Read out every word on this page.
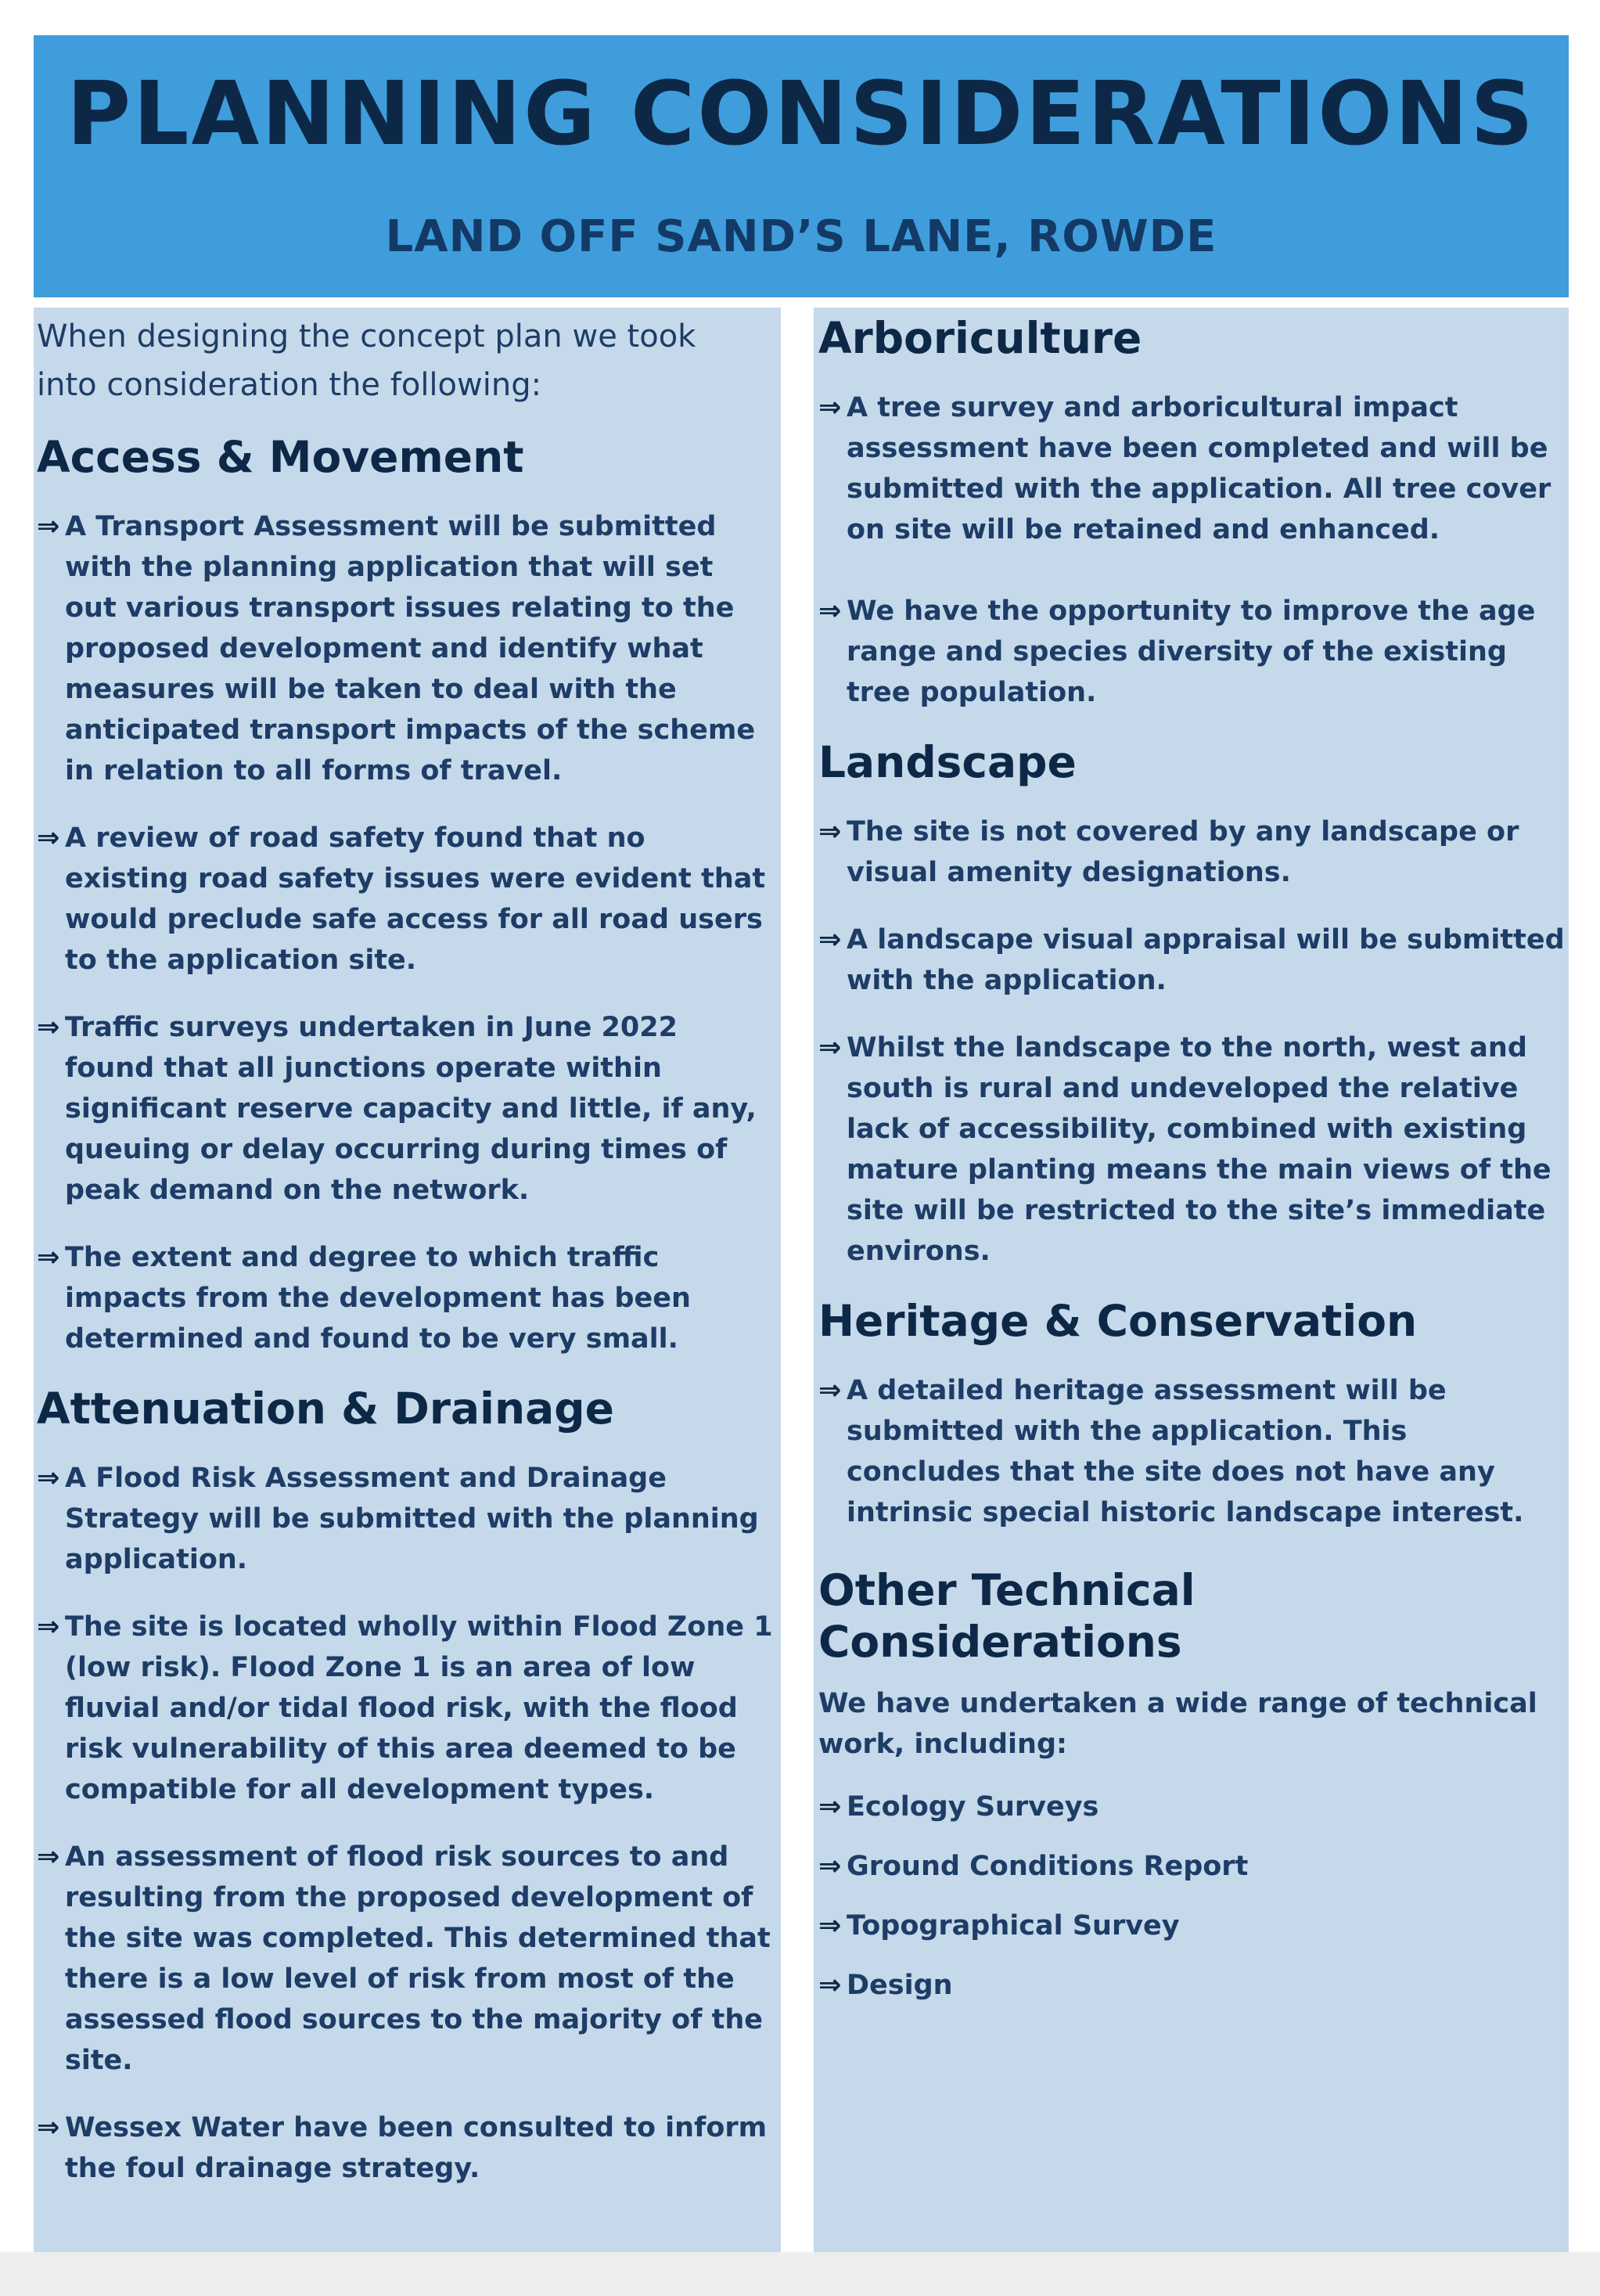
PLANNING CONSIDERATIONS
LAND OFF SAND’S LANE, ROWDE

When designing the concept plan we took into consideration the following:

Access & Movement

⇒ A Transport Assessment will be submitted with the planning application that will set out various transport issues relating to the proposed development and identify what measures will be taken to deal with the anticipated transport impacts of the scheme in relation to all forms of travel.

⇒ A review of road safety found that no existing road safety issues were evident that would preclude safe access for all road users to the application site.

⇒ Traffic surveys undertaken in June 2022 found that all junctions operate within significant reserve capacity and little, if any, queuing or delay occurring during times of peak demand on the network.

⇒ The extent and degree to which traffic impacts from the development has been determined and found to be very small.

Attenuation & Drainage

⇒ A Flood Risk Assessment and Drainage Strategy will be submitted with the planning application.

⇒ The site is located wholly within Flood Zone 1 (low risk). Flood Zone 1 is an area of low fluvial and/or tidal flood risk, with the flood risk vulnerability of this area deemed to be compatible for all development types.

⇒ An assessment of flood risk sources to and resulting from the proposed development of the site was completed. This determined that there is a low level of risk from most of the assessed flood sources to the majority of the site.

⇒ Wessex Water have been consulted to inform the foul drainage strategy.

Arboriculture

⇒ A tree survey and arboricultural impact assessment have been completed and will be submitted with the application. All tree cover on site will be retained and enhanced.

⇒ We have the opportunity to improve the age range and species diversity of the existing tree population.

Landscape

⇒ The site is not covered by any landscape or visual amenity designations.

⇒ A landscape visual appraisal will be submitted with the application.

⇒ Whilst the landscape to the north, west and south is rural and undeveloped the relative lack of accessibility, combined with existing mature planting means the main views of the site will be restricted to the site’s immediate environs.

Heritage & Conservation

⇒ A detailed heritage assessment will be submitted with the application. This concludes that the site does not have any intrinsic special historic landscape interest.

Other Technical Considerations

We have undertaken a wide range of technical work, including:

⇒ Ecology Surveys

⇒ Ground Conditions Report

⇒ Topographical Survey

⇒ Design
